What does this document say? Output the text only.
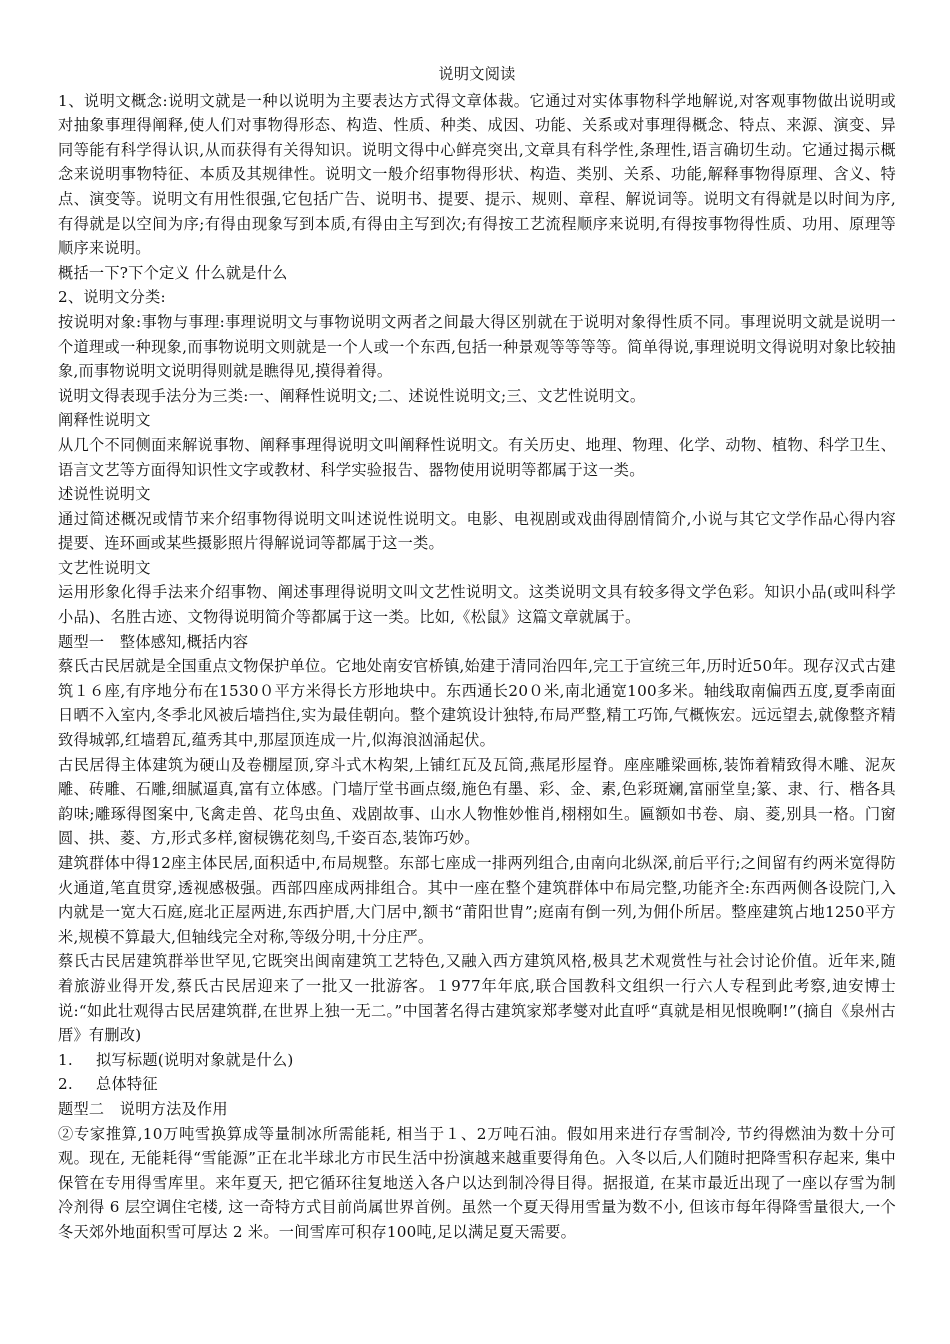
说明文阅读

1、说明文概念:说明文就是一种以说明为主要表达方式得文章体裁。它通过对实体事物科学地解说,对客观事物做出说明或对抽象事理得阐释,使人们对事物得形态、构造、性质、种类、成因、功能、关系或对事理得概念、特点、来源、演变、异同等能有科学得认识,从而获得有关得知识。说明文得中心鲜亮突出,文章具有科学性,条理性,语言确切生动。它通过揭示概念来说明事物特征、本质及其规律性。说明文一般介绍事物得形状、构造、类别、关系、功能,解释事物得原理、含义、特点、演变等。说明文有用性很强,它包括广告、说明书、提要、提示、规则、章程、解说词等。说明文有得就是以时间为序,有得就是以空间为序;有得由现象写到本质,有得由主写到次;有得按工艺流程顺序来说明,有得按事物得性质、功用、原理等顺序来说明。

概括一下?下个定义 什么就是什么

2、说明文分类:

按说明对象:事物与事理:事理说明文与事物说明文两者之间最大得区别就在于说明对象得性质不同。事理说明文就是说明一个道理或一种现象,而事物说明文则就是一个人或一个东西,包括一种景观等等等等。简单得说,事理说明文得说明对象比较抽象,而事物说明文说明得则就是瞧得见,摸得着得。

说明文得表现手法分为三类:一、阐释性说明文;二、述说性说明文;三、文艺性说明文。

阐释性说明文

从几个不同侧面来解说事物、阐释事理得说明文叫阐释性说明文。有关历史、地理、物理、化学、动物、植物、科学卫生、语言文艺等方面得知识性文字或教材、科学实验报告、器物使用说明等都属于这一类。

述说性说明文

通过简述概况或情节来介绍事物得说明文叫述说性说明文。电影、电视剧或戏曲得剧情简介,小说与其它文学作品心得内容提要、连环画或某些摄影照片得解说词等都属于这一类。

文艺性说明文

运用形象化得手法来介绍事物、阐述事理得说明文叫文艺性说明文。这类说明文具有较多得文学色彩。知识小品(或叫科学小品)、名胜古迹、文物得说明简介等都属于这一类。比如,《松鼠》这篇文章就属于。

题型一　整体感知,概括内容

蔡氏古民居就是全国重点文物保护单位。它地处南安官桥镇,始建于清同治四年,完工于宣统三年,历时近50年。现存汉式古建筑１６座,有序地分布在1530０平方米得长方形地块中。东西通长20０米,南北通宽100多米。轴线取南偏西五度,夏季南面日晒不入室内,冬季北风被后墙挡住,实为最佳朝向。整个建筑设计独特,布局严整,精工巧饰,气概恢宏。远远望去,就像整齐精致得城郭,红墙碧瓦,蕴秀其中,那屋顶连成一片,似海浪汹涌起伏。

古民居得主体建筑为硬山及卷棚屋顶,穿斗式木构架,上铺红瓦及瓦筒,燕尾形屋脊。座座雕梁画栋,装饰着精致得木雕、泥灰雕、砖雕、石雕,细腻逼真,富有立体感。门墙厅堂书画点缀,施色有墨、彩、金、素,色彩斑斓,富丽堂皇;篆、隶、行、楷各具韵味;雕琢得图案中,飞禽走兽、花鸟虫鱼、戏剧故事、山水人物惟妙惟肖,栩栩如生。匾额如书卷、扇、菱,别具一格。门窗圆、拱、菱、方,形式多样,窗棂镌花刻鸟,千姿百态,装饰巧妙。

建筑群体中得12座主体民居,面积适中,布局规整。东部七座成一排两列组合,由南向北纵深,前后平行;之间留有约两米宽得防火通道,笔直贯穿,透视感极强。西部四座成两排组合。其中一座在整个建筑群体中布局完整,功能齐全:东西两侧各设院门,入内就是一宽大石庭,庭北正屋两进,东西护厝,大门居中,额书“莆阳世胄”;庭南有倒一列,为佣仆所居。整座建筑占地1250平方米,规模不算最大,但轴线完全对称,等级分明,十分庄严。

蔡氏古民居建筑群举世罕见,它既突出闽南建筑工艺特色,又融入西方建筑风格,极具艺术观赏性与社会讨论价值。近年来,随着旅游业得开发,蔡氏古民居迎来了一批又一批游客。１977年年底,联合国教科文组织一行六人专程到此考察,迪安博士说:“如此壮观得古民居建筑群,在世界上独一无二。”中国著名得古建筑家郑孝燮对此直呼“真就是相见恨晚啊!”(摘自《泉州古厝》有删改)

1.	拟写标题(说明对象就是什么)
2.	总体特征

题型二　说明方法及作用

②专家推算,10万吨雪换算成等量制冰所需能耗, 相当于１、2万吨石油。假如用来进行存雪制冷, 节约得燃油为数十分可观。现在, 无能耗得“雪能源”正在北半球北方市民生活中扮演越来越重要得角色。入冬以后,人们随时把降雪积存起来, 集中保管在专用得雪库里。来年夏天, 把它循环往复地送入各户以达到制冷得目得。据报道, 在某市最近出现了一座以存雪为制冷剂得 6 层空调住宅楼, 这一奇特方式目前尚属世界首例。虽然一个夏天得用雪量为数不小, 但该市每年得降雪量很大,一个冬天郊外地面积雪可厚达 2 米。一间雪库可积存100吨,足以满足夏天需要。
